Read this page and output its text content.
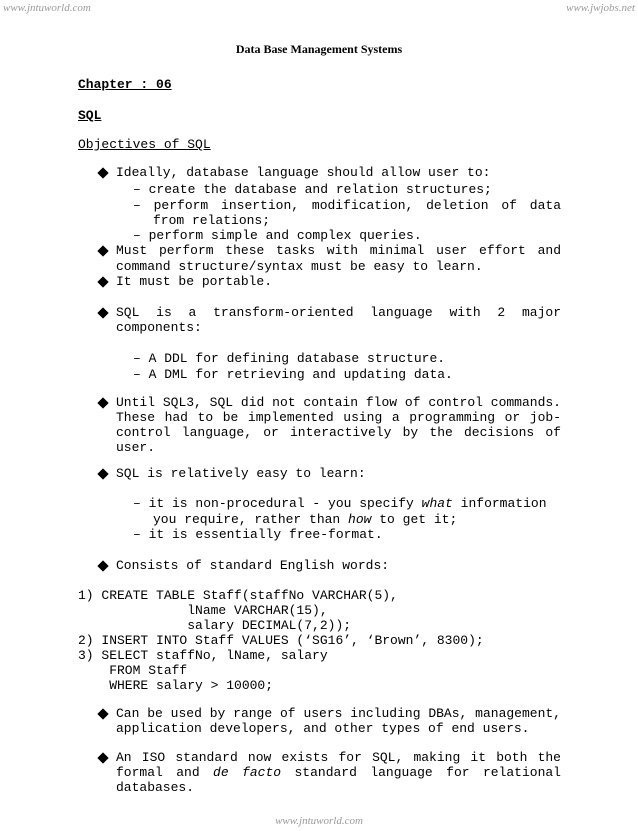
www.jntuworld.com	www.jwjobs.net
Data Base Management Systems
Chapter : 06
SQL
Objectives of SQL
Ideally, database language should allow user to:
– create the database and relation structures;
– perform insertion, modification, deletion of data
from relations;
– perform simple and complex queries.
Must perform these tasks with minimal user effort and
command structure/syntax must be easy to learn.
It must be portable.
SQL is a transform-oriented language with 2 major
components:
– A DDL for defining database structure.
– A DML for retrieving and updating data.
Until SQL3, SQL did not contain flow of control commands.
These had to be implemented using a programming or job-
control language, or interactively by the decisions of
user.
SQL is relatively easy to learn:
– it is non-procedural - you specify what information
you require, rather than how to get it;
– it is essentially free-format.
Consists of standard English words:
1) CREATE TABLE Staff(staffNo VARCHAR(5),
lName VARCHAR(15),
salary DECIMAL(7,2));
2) INSERT INTO Staff VALUES (‘SG16’, ‘Brown’, 8300);
3) SELECT staffNo, lName, salary
FROM Staff
WHERE salary > 10000;
Can be used by range of users including DBAs, management,
application developers, and other types of end users.
An ISO standard now exists for SQL, making it both the
formal and de facto standard language for relational
databases.
www.jntuworld.com
